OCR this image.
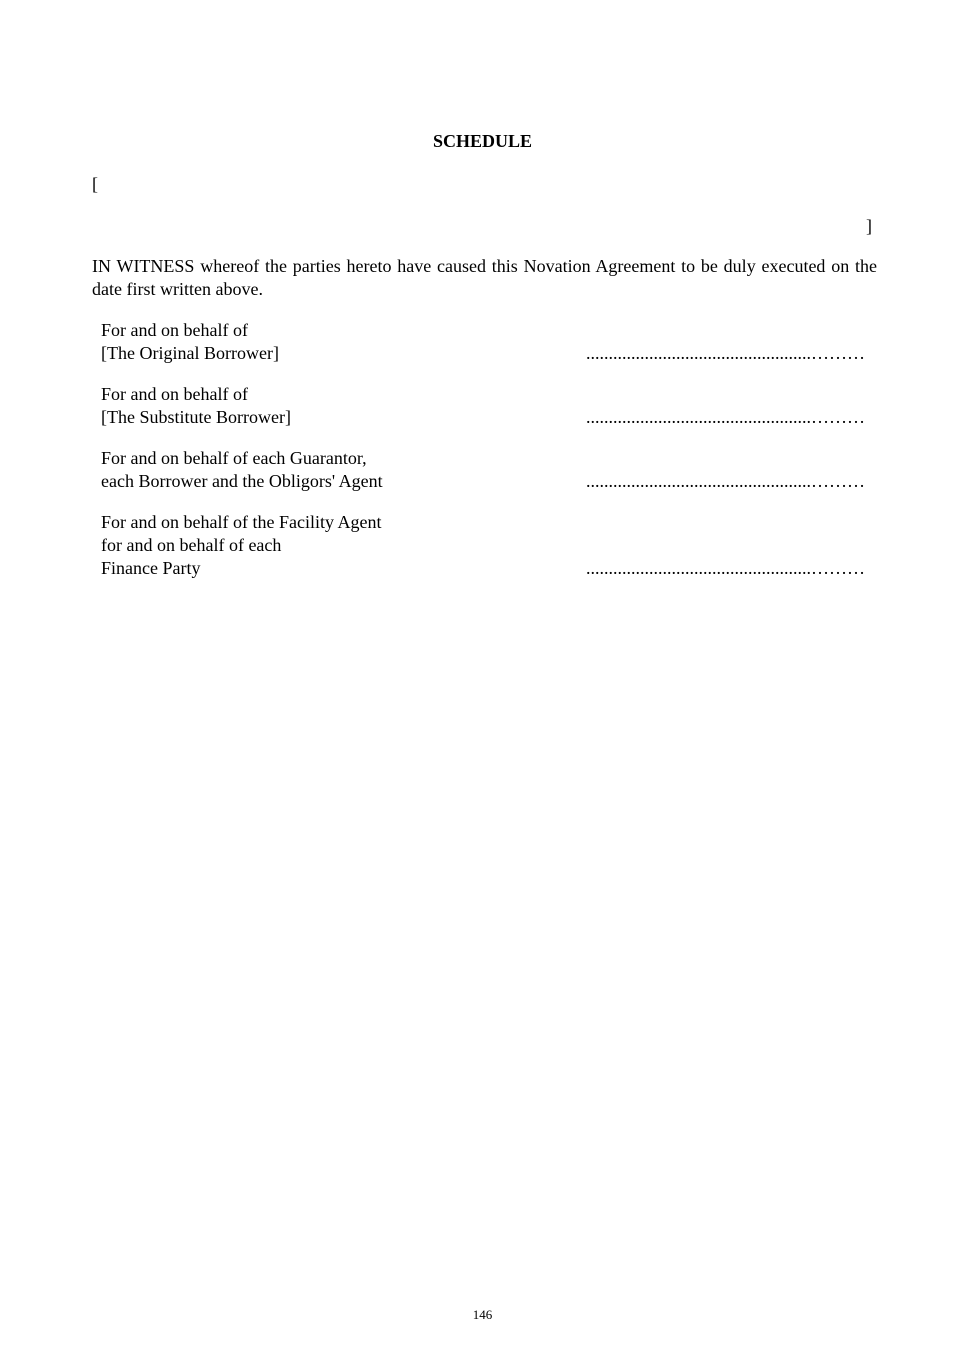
SCHEDULE
[
]
IN WITNESS whereof the parties hereto have caused this Novation Agreement to be duly executed on the date first written above.
For and on behalf of
[The Original Borrower]	..................................................………
For and on behalf of
[The Substitute Borrower]	..................................................………
For and on behalf of each Guarantor,
each Borrower and the Obligors' Agent	..................................................………
For and on behalf of the Facility Agent
for and on behalf of each
Finance Party	..................................................………
146
